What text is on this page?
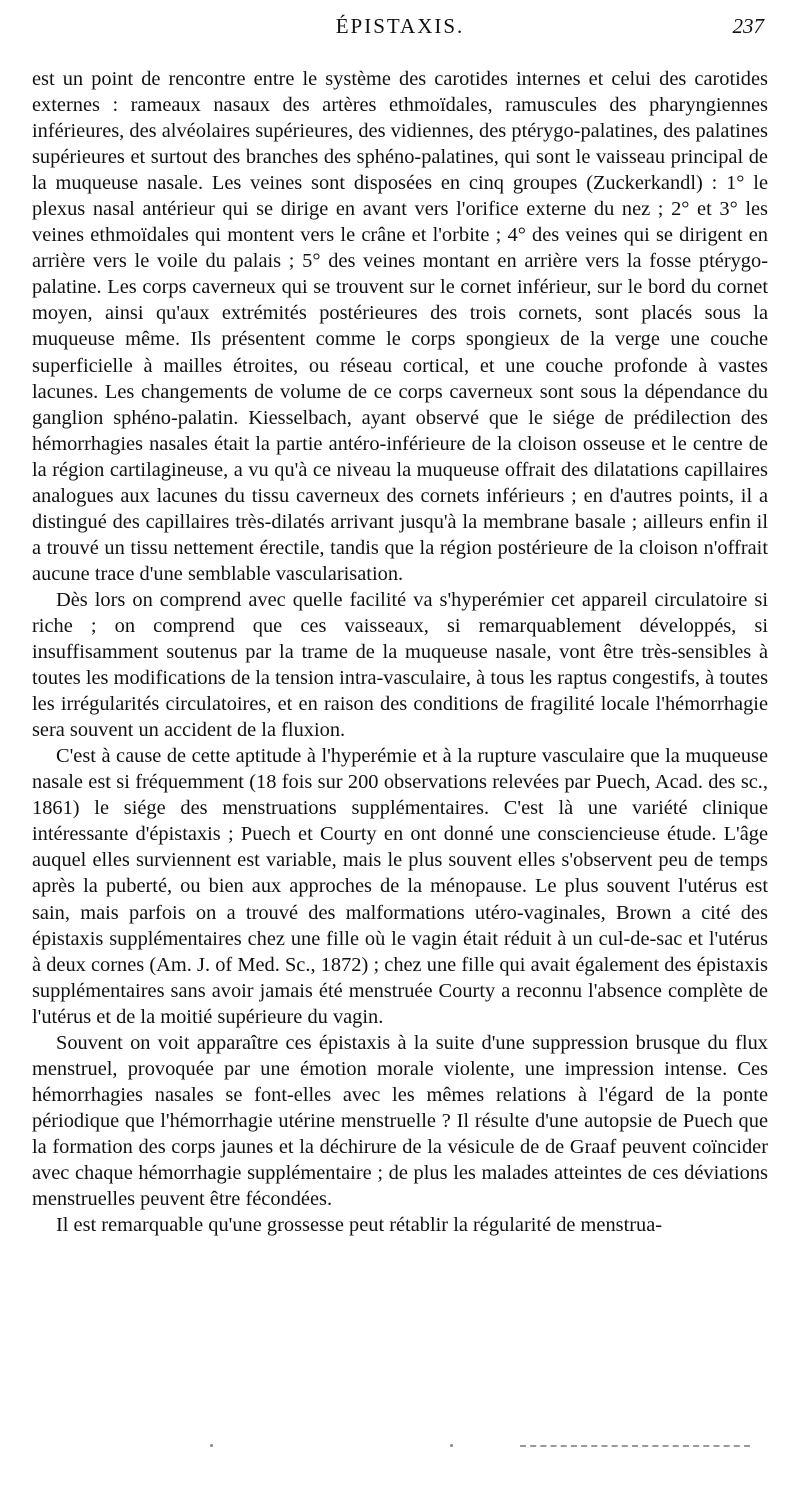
ÉPISTAXIS.	237

est un point de rencontre entre le système des carotides internes et celui des carotides externes : rameaux nasaux des artères ethmoïdales, ramuscules des pharyngiennes inférieures, des alvéolaires supérieures, des vidiennes, des ptérygo-palatines, des palatines supérieures et surtout des branches des sphéno-palatines, qui sont le vaisseau principal de la muqueuse nasale. Les veines sont disposées en cinq groupes (Zuckerkandl) : 1° le plexus nasal antérieur qui se dirige en avant vers l'orifice externe du nez ; 2° et 3° les veines ethmoïdales qui montent vers le crâne et l'orbite ; 4° des veines qui se dirigent en arrière vers le voile du palais ; 5° des veines montant en arrière vers la fosse ptérygo-palatine. Les corps caverneux qui se trouvent sur le cornet inférieur, sur le bord du cornet moyen, ainsi qu'aux extrémités postérieures des trois cornets, sont placés sous la muqueuse même. Ils présentent comme le corps spongieux de la verge une couche superficielle à mailles étroites, ou réseau cortical, et une couche profonde à vastes lacunes. Les changements de volume de ce corps caverneux sont sous la dépendance du ganglion sphéno-palatin. Kiesselbach, ayant observé que le siége de prédilection des hémorrhagies nasales était la partie antéro-inférieure de la cloison osseuse et le centre de la région cartilagineuse, a vu qu'à ce niveau la muqueuse offrait des dilatations capillaires analogues aux lacunes du tissu caverneux des cornets inférieurs ; en d'autres points, il a distingué des capillaires très-dilatés arrivant jusqu'à la membrane basale ; ailleurs enfin il a trouvé un tissu nettement érectile, tandis que la région postérieure de la cloison n'offrait aucune trace d'une semblable vascularisation.

Dès lors on comprend avec quelle facilité va s'hyperémier cet appareil circulatoire si riche ; on comprend que ces vaisseaux, si remarquablement développés, si insuffisamment soutenus par la trame de la muqueuse nasale, vont être très-sensibles à toutes les modifications de la tension intra-vasculaire, à tous les raptus congestifs, à toutes les irrégularités circulatoires, et en raison des conditions de fragilité locale l'hémorrhagie sera souvent un accident de la fluxion.

C'est à cause de cette aptitude à l'hyperémie et à la rupture vasculaire que la muqueuse nasale est si fréquemment (18 fois sur 200 observations relevées par Puech, Acad. des sc., 1861) le siége des menstruations supplémentaires. C'est là une variété clinique intéressante d'épistaxis ; Puech et Courty en ont donné une consciencieuse étude. L'âge auquel elles surviennent est variable, mais le plus souvent elles s'observent peu de temps après la puberté, ou bien aux approches de la ménopause. Le plus souvent l'utérus est sain, mais parfois on a trouvé des malformations utéro-vaginales, Brown a cité des épistaxis supplémentaires chez une fille où le vagin était réduit à un cul-de-sac et l'utérus à deux cornes (Am. J. of Med. Sc., 1872) ; chez une fille qui avait également des épistaxis supplémentaires sans avoir jamais été menstruée Courty a reconnu l'absence complète de l'utérus et de la moitié supérieure du vagin.

Souvent on voit apparaître ces épistaxis à la suite d'une suppression brusque du flux menstruel, provoquée par une émotion morale violente, une impression intense. Ces hémorrhagies nasales se font-elles avec les mêmes relations à l'égard de la ponte périodique que l'hémorrhagie utérine menstruelle ? Il résulte d'une autopsie de Puech que la formation des corps jaunes et la déchirure de la vésicule de de Graaf peuvent coïncider avec chaque hémorrhagie supplémentaire ; de plus les malades atteintes de ces déviations menstruelles peuvent être fécondées.

Il est remarquable qu'une grossesse peut rétablir la régularité de menstrua-
